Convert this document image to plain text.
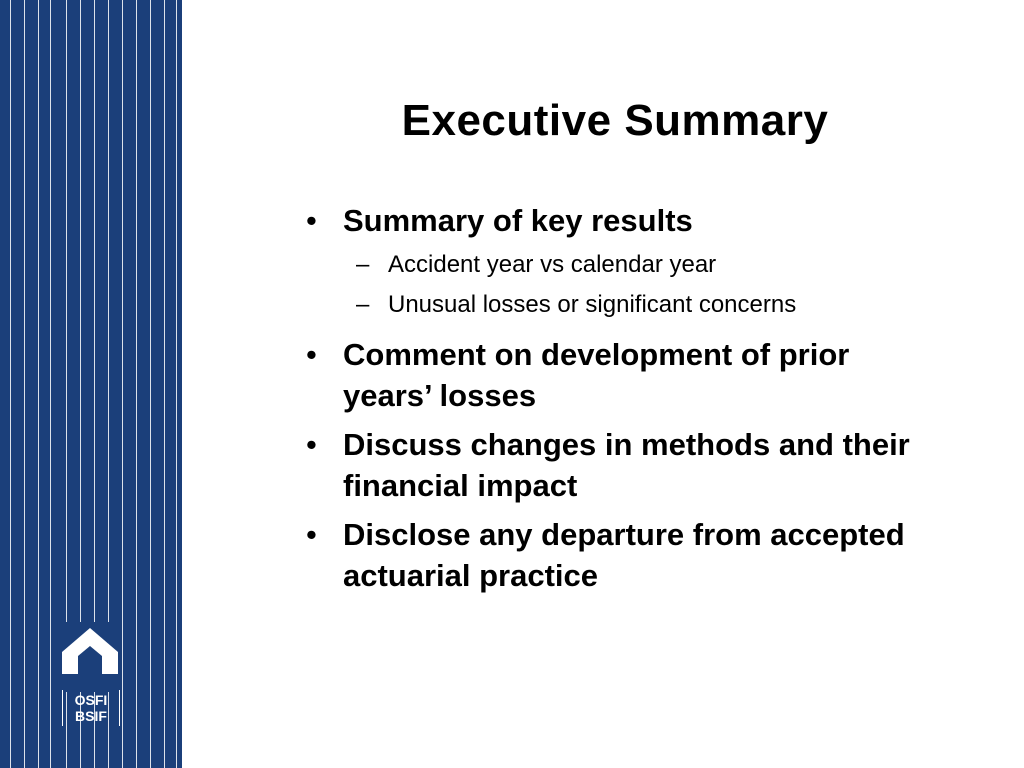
OSFI
BSIF
Executive Summary
• Summary of key results
– Accident year vs calendar year
– Unusual losses or significant concerns
• Comment on development of prior years’ losses
• Discuss changes in methods and their financial impact
• Disclose any departure from accepted actuarial practice
